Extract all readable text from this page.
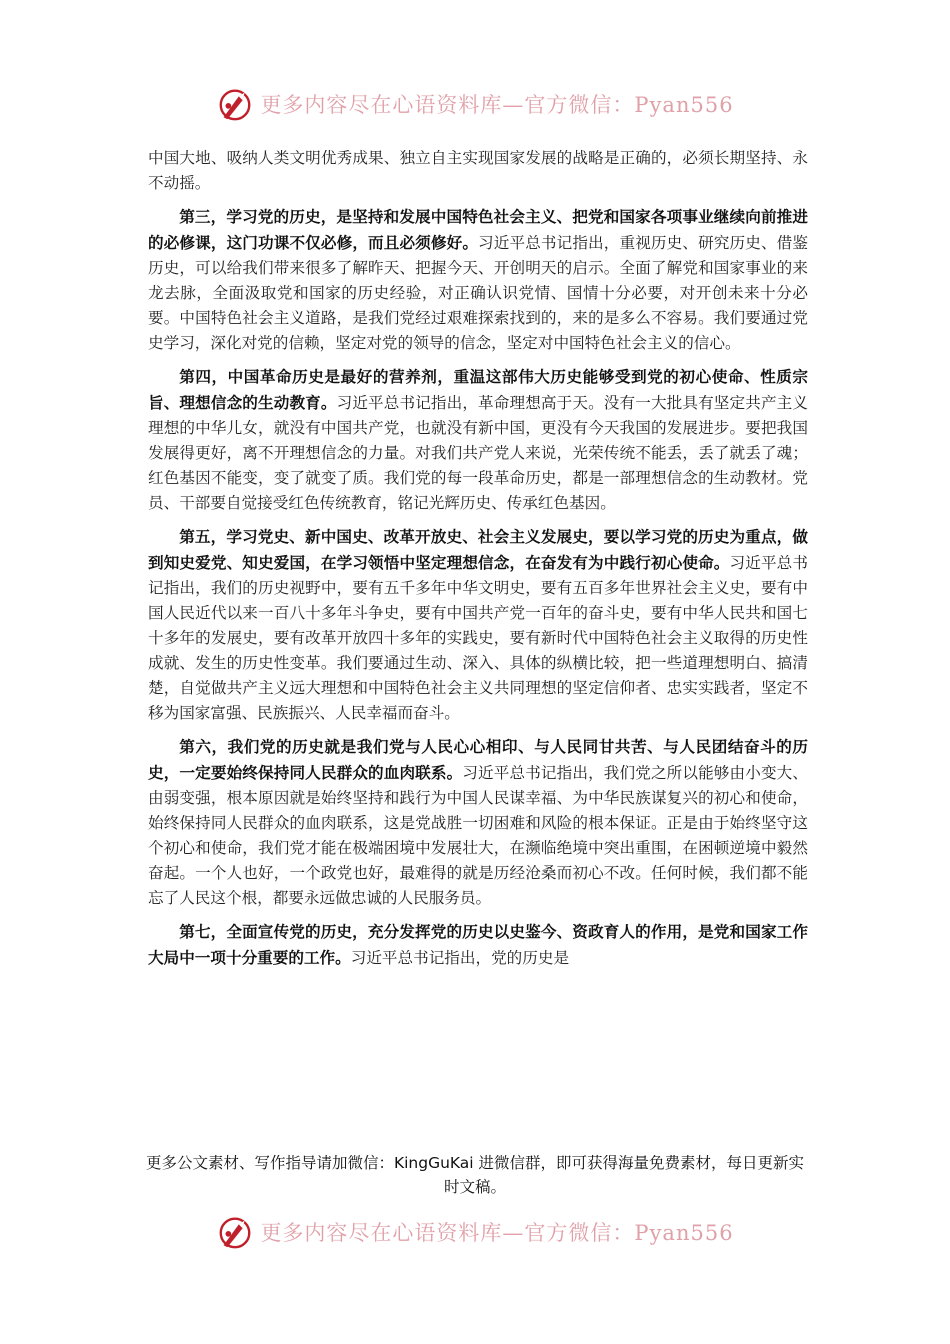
更多内容尽在心语资料库—官方微信：Pyan556

中国大地、吸纳人类文明优秀成果、独立自主实现国家发展的战略是正确的，必须长期坚持、永不动摇。

第三，学习党的历史，是坚持和发展中国特色社会主义、把党和国家各项事业继续向前推进的必修课，这门功课不仅必修，而且必须修好。习近平总书记指出，重视历史、研究历史、借鉴历史，可以给我们带来很多了解昨天、把握今天、开创明天的启示。全面了解党和国家事业的来龙去脉，全面汲取党和国家的历史经验，对正确认识党情、国情十分必要，对开创未来十分必要。中国特色社会主义道路，是我们党经过艰难探索找到的，来的是多么不容易。我们要通过党史学习，深化对党的信赖，坚定对党的领导的信念，坚定对中国特色社会主义的信心。

第四，中国革命历史是最好的营养剂，重温这部伟大历史能够受到党的初心使命、性质宗旨、理想信念的生动教育。习近平总书记指出，革命理想高于天。没有一大批具有坚定共产主义理想的中华儿女，就没有中国共产党，也就没有新中国，更没有今天我国的发展进步。要把我国发展得更好，离不开理想信念的力量。对我们共产党人来说，光荣传统不能丢，丢了就丢了魂；红色基因不能变，变了就变了质。我们党的每一段革命历史，都是一部理想信念的生动教材。党员、干部要自觉接受红色传统教育，铭记光辉历史、传承红色基因。

第五，学习党史、新中国史、改革开放史、社会主义发展史，要以学习党的历史为重点，做到知史爱党、知史爱国，在学习领悟中坚定理想信念，在奋发有为中践行初心使命。习近平总书记指出，我们的历史视野中，要有五千多年中华文明史，要有五百多年世界社会主义史，要有中国人民近代以来一百八十多年斗争史，要有中国共产党一百年的奋斗史，要有中华人民共和国七十多年的发展史，要有改革开放四十多年的实践史，要有新时代中国特色社会主义取得的历史性成就、发生的历史性变革。我们要通过生动、深入、具体的纵横比较，把一些道理想明白、搞清楚，自觉做共产主义远大理想和中国特色社会主义共同理想的坚定信仰者、忠实实践者，坚定不移为国家富强、民族振兴、人民幸福而奋斗。

第六，我们党的历史就是我们党与人民心心相印、与人民同甘共苦、与人民团结奋斗的历史，一定要始终保持同人民群众的血肉联系。习近平总书记指出，我们党之所以能够由小变大、由弱变强，根本原因就是始终坚持和践行为中国人民谋幸福、为中华民族谋复兴的初心和使命，始终保持同人民群众的血肉联系，这是党战胜一切困难和风险的根本保证。正是由于始终坚守这个初心和使命，我们党才能在极端困境中发展壮大，在濒临绝境中突出重围，在困顿逆境中毅然奋起。一个人也好，一个政党也好，最难得的就是历经沧桑而初心不改。任何时候，我们都不能忘了人民这个根，都要永远做忠诚的人民服务员。

第七，全面宣传党的历史，充分发挥党的历史以史鉴今、资政育人的作用，是党和国家工作大局中一项十分重要的工作。习近平总书记指出，党的历史是

更多公文素材、写作指导请加微信：KingGuKai 进微信群，即可获得海量免费素材，每日更新实时文稿。
更多内容尽在心语资料库—官方微信：Pyan556
